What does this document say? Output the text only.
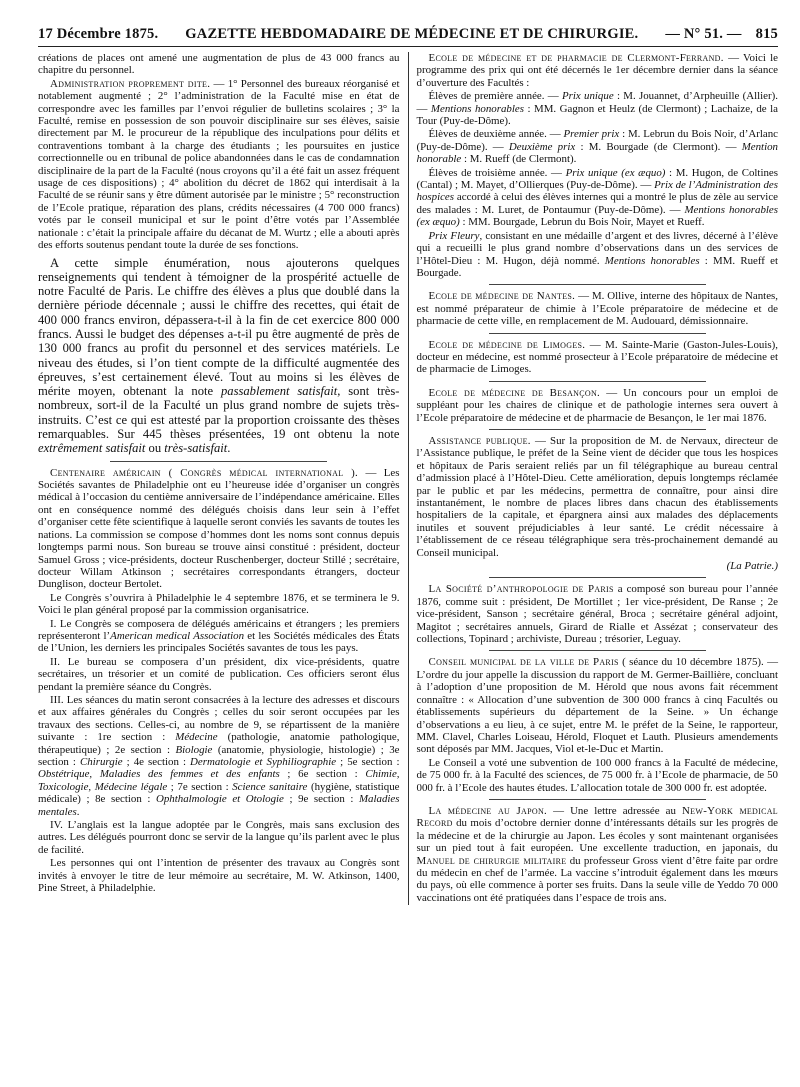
17 Décembre 1875. GAZETTE HEBDOMADAIRE DE MÉDECINE ET DE CHIRURGIE. — N° 51. — 815

créations de places ont amené une augmentation de plus de 43 000 francs au chapitre du personnel.

Administration proprement dite. — 1° Personnel des bureaux réorganisé et notablement augmenté ; 2° l’administration de la Faculté mise en état de correspondre avec les familles par l’envoi régulier de bulletins scolaires ; 3° la Faculté, remise en possession de son pouvoir disciplinaire sur ses élèves, saisie directement par M. le procureur de la république des inculpations pour délits et contraventions tombant à la charge des étudiants ; les poursuites en justice correctionnelle ou en tribunal de police abandonnées dans le cas de condamnation disciplinaire de la part de la Faculté (nous croyons qu’il a été fait un assez fréquent usage de ces dispositions) ; 4° abolition du décret de 1862 qui interdisait à la Faculté de se réunir sans y être dûment autorisée par le ministre ; 5° reconstruction de l’Ecole pratique, réparation des plans, crédits nécessaires (4 700 000 francs) votés par le conseil municipal et sur le point d’être votés par l’Assemblée nationale : c’était la principale affaire du décanat de M. Wurtz ; elle a abouti après des efforts soutenus pendant toute la durée de ses fonctions.

A cette simple énumération, nous ajouterons quelques renseignements qui tendent à témoigner de la prospérité actuelle de notre Faculté de Paris. Le chiffre des élèves a plus que doublé dans la dernière période décennale ; aussi le chiffre des recettes, qui était de 400 000 francs environ, dépassera-t-il à la fin de cet exercice 800 000 francs. Aussi le budget des dépenses a-t-il pu être augmenté de près de 130 000 francs au profit du personnel et des services matériels. Le niveau des études, si l’on tient compte de la difficulté augmentée des épreuves, s’est certainement élevé. Tout au moins si les élèves de mérite moyen, obtenant la note passablement satisfait, sont très-nombreux, sort-il de la Faculté un plus grand nombre de sujets très-instruits. C’est ce qui est attesté par la proportion croissante des thèses remarquables. Sur 445 thèses présentées, 19 ont obtenu la note extrêmement satisfait ou très-satisfait.

Centenaire américain ( Congrès médical international ). — Les Sociétés savantes de Philadelphie ont eu l’heureuse idée d’organiser un congrès médical à l’occasion du centième anniversaire de l’indépendance américaine. Elles ont en conséquence nommé des délégués choisis dans leur sein à l’effet d’organiser cette fête scientifique à laquelle seront conviés les savants de toutes les nations. La commission se compose d’hommes dont les noms sont connus depuis longtemps parmi nous. Son bureau se trouve ainsi constitué : président, docteur Samuel Gross ; vice-présidents, docteur Ruschenberger, docteur Stillé ; secrétaire, docteur Willam Atkinson ; secrétaires correspondants étrangers, docteur Dunglison, docteur Bertolet.

Le Congrès s’ouvrira à Philadelphie le 4 septembre 1876, et se terminera le 9. Voici le plan général proposé par la commission organisatrice.

I. Le Congrès se composera de délégués américains et étrangers ; les premiers représenteront l’American medical Association et les Sociétés médicales des États de l’Union, les derniers les principales Sociétés savantes de tous les pays.

II. Le bureau se composera d’un président, dix vice-présidents, quatre secrétaires, un trésorier et un comité de publication. Ces officiers seront élus pendant la première séance du Congrès.

III. Les séances du matin seront consacrées à la lecture des adresses et discours et aux affaires générales du Congrès ; celles du soir seront occupées par les travaux des sections. Celles-ci, au nombre de 9, se répartissent de la manière suivante : 1re section : Médecine (pathologie, anatomie pathologique, thérapeutique) ; 2e section : Biologie (anatomie, physiologie, histologie) ; 3e section : Chirurgie ; 4e section : Dermatologie et Syphiliographie ; 5e section : Obstétrique, Maladies des femmes et des enfants ; 6e section : Chimie, Toxicologie, Médecine légale ; 7e section : Science sanitaire (hygiène, statistique médicale) ; 8e section : Ophthalmologie et Otologie ; 9e section : Maladies mentales.

IV. L’anglais est la langue adoptée par le Congrès, mais sans exclusion des autres. Les délégués pourront donc se servir de la langue qu’ils parlent avec le plus de facilité.

Les personnes qui ont l’intention de présenter des travaux au Congrès sont invités à envoyer le titre de leur mémoire au secrétaire, M. W. Atkinson, 1400, Pine Street, à Philadelphie.

Ecole de médecine et de pharmacie de Clermont-Ferrand. — Voici le programme des prix qui ont été décernés le 1er décembre dernier dans la séance d’ouverture des Facultés :

Élèves de première année. — Prix unique : M. Jouannet, d’Arpheuille (Allier). — Mentions honorables : MM. Gagnon et Heulz (de Clermont) ; Lachaize, de la Tour (Puy-de-Dôme).

Élèves de deuxième année. — Premier prix : M. Lebrun du Bois Noir, d’Arlanc (Puy-de-Dôme). — Deuxième prix : M. Bourgade (de Clermont). — Mention honorable : M. Rueff (de Clermont).

Élèves de troisième année. — Prix unique (ex æquo) : M. Hugon, de Coltines (Cantal) ; M. Mayet, d’Ollierques (Puy-de-Dôme). — Prix de l’Administration des hospices accordé à celui des élèves internes qui a montré le plus de zèle au service des malades : M. Luret, de Pontaumur (Puy-de-Dôme). — Mentions honorables (ex æquo) : MM. Bourgade, Lebrun du Bois Noir, Mayet et Rueff.

Prix Fleury, consistant en une médaille d’argent et des livres, décerné à l’élève qui a recueilli le plus grand nombre d’observations dans un des services de l’Hôtel-Dieu : M. Hugon, déjà nommé. Mentions honorables : MM. Rueff et Bourgade.

Ecole de médecine de Nantes. — M. Ollive, interne des hôpitaux de Nantes, est nommé préparateur de chimie à l’Ecole préparatoire de médecine et de pharmacie de cette ville, en remplacement de M. Audouard, démissionnaire.

Ecole de médecine de Limoges. — M. Sainte-Marie (Gaston-Jules-Louis), docteur en médecine, est nommé prosecteur à l’Ecole préparatoire de médecine et de pharmacie de Limoges.

Ecole de médecine de Besançon. — Un concours pour un emploi de suppléant pour les chaires de clinique et de pathologie internes sera ouvert à l’Ecole préparatoire de médecine et de pharmacie de Besançon, le 1er mai 1876.

Assistance publique. — Sur la proposition de M. de Nervaux, directeur de l’Assistance publique, le préfet de la Seine vient de décider que tous les hospices et hôpitaux de Paris seraient reliés par un fil télégraphique au bureau central d’admission placé à l’Hôtel-Dieu. Cette amélioration, depuis longtemps réclamée par le public et par les médecins, permettra de connaître, pour ainsi dire instantanément, le nombre de places libres dans chacun des établissements hospitaliers de la capitale, et épargnera ainsi aux malades des déplacements inutiles et souvent préjudiciables à leur santé. Le crédit nécessaire à l’établissement de ce réseau télégraphique sera très-prochainement demandé au Conseil municipal.

(La Patrie.)

La Société d’anthropologie de Paris a composé son bureau pour l’année 1876, comme suit : président, De Mortillet ; 1er vice-président, De Ranse ; 2e vice-président, Sanson ; secrétaire général, Broca ; secrétaire général adjoint, Magitot ; secrétaires annuels, Girard de Rialle et Assézat ; conservateur des collections, Topinard ; archiviste, Dureau ; trésorier, Leguay.

Conseil municipal de la ville de Paris ( séance du 10 décembre 1875). — L’ordre du jour appelle la discussion du rapport de M. Germer-Baillière, concluant à l’adoption d’une proposition de M. Hérold que nous avons fait récemment connaître : « Allocation d’une subvention de 300 000 francs à cinq Facultés ou établissements supérieurs du département de la Seine. » Un échange d’observations a eu lieu, à ce sujet, entre M. le préfet de la Seine, le rapporteur, MM. Clavel, Charles Loiseau, Hérold, Floquet et Lauth. Plusieurs amendements sont déposés par MM. Jacques, Viol et-le-Duc et Martin.

Le Conseil a voté une subvention de 100 000 francs à la Faculté de médecine, de 75 000 fr. à la Faculté des sciences, de 75 000 fr. à l’Ecole de pharmacie, de 50 000 fr. à l’Ecole des hautes études. L’allocation totale de 300 000 fr. est adoptée.

La médecine au Japon. — Une lettre adressée au New-York medical Record du mois d’octobre dernier donne d’intéressants détails sur les progrès de la médecine et de la chirurgie au Japon. Les écoles y sont maintenant organisées sur un pied tout à fait européen. Une excellente traduction, en japonais, du Manuel de chirurgie militaire du professeur Gross vient d’être faite par ordre du médecin en chef de l’armée. La vaccine s’introduit également dans les mœurs du pays, où elle commence à porter ses fruits. Dans la seule ville de Yeddo 70 000 vaccinations ont été pratiquées dans l’espace de trois ans.
